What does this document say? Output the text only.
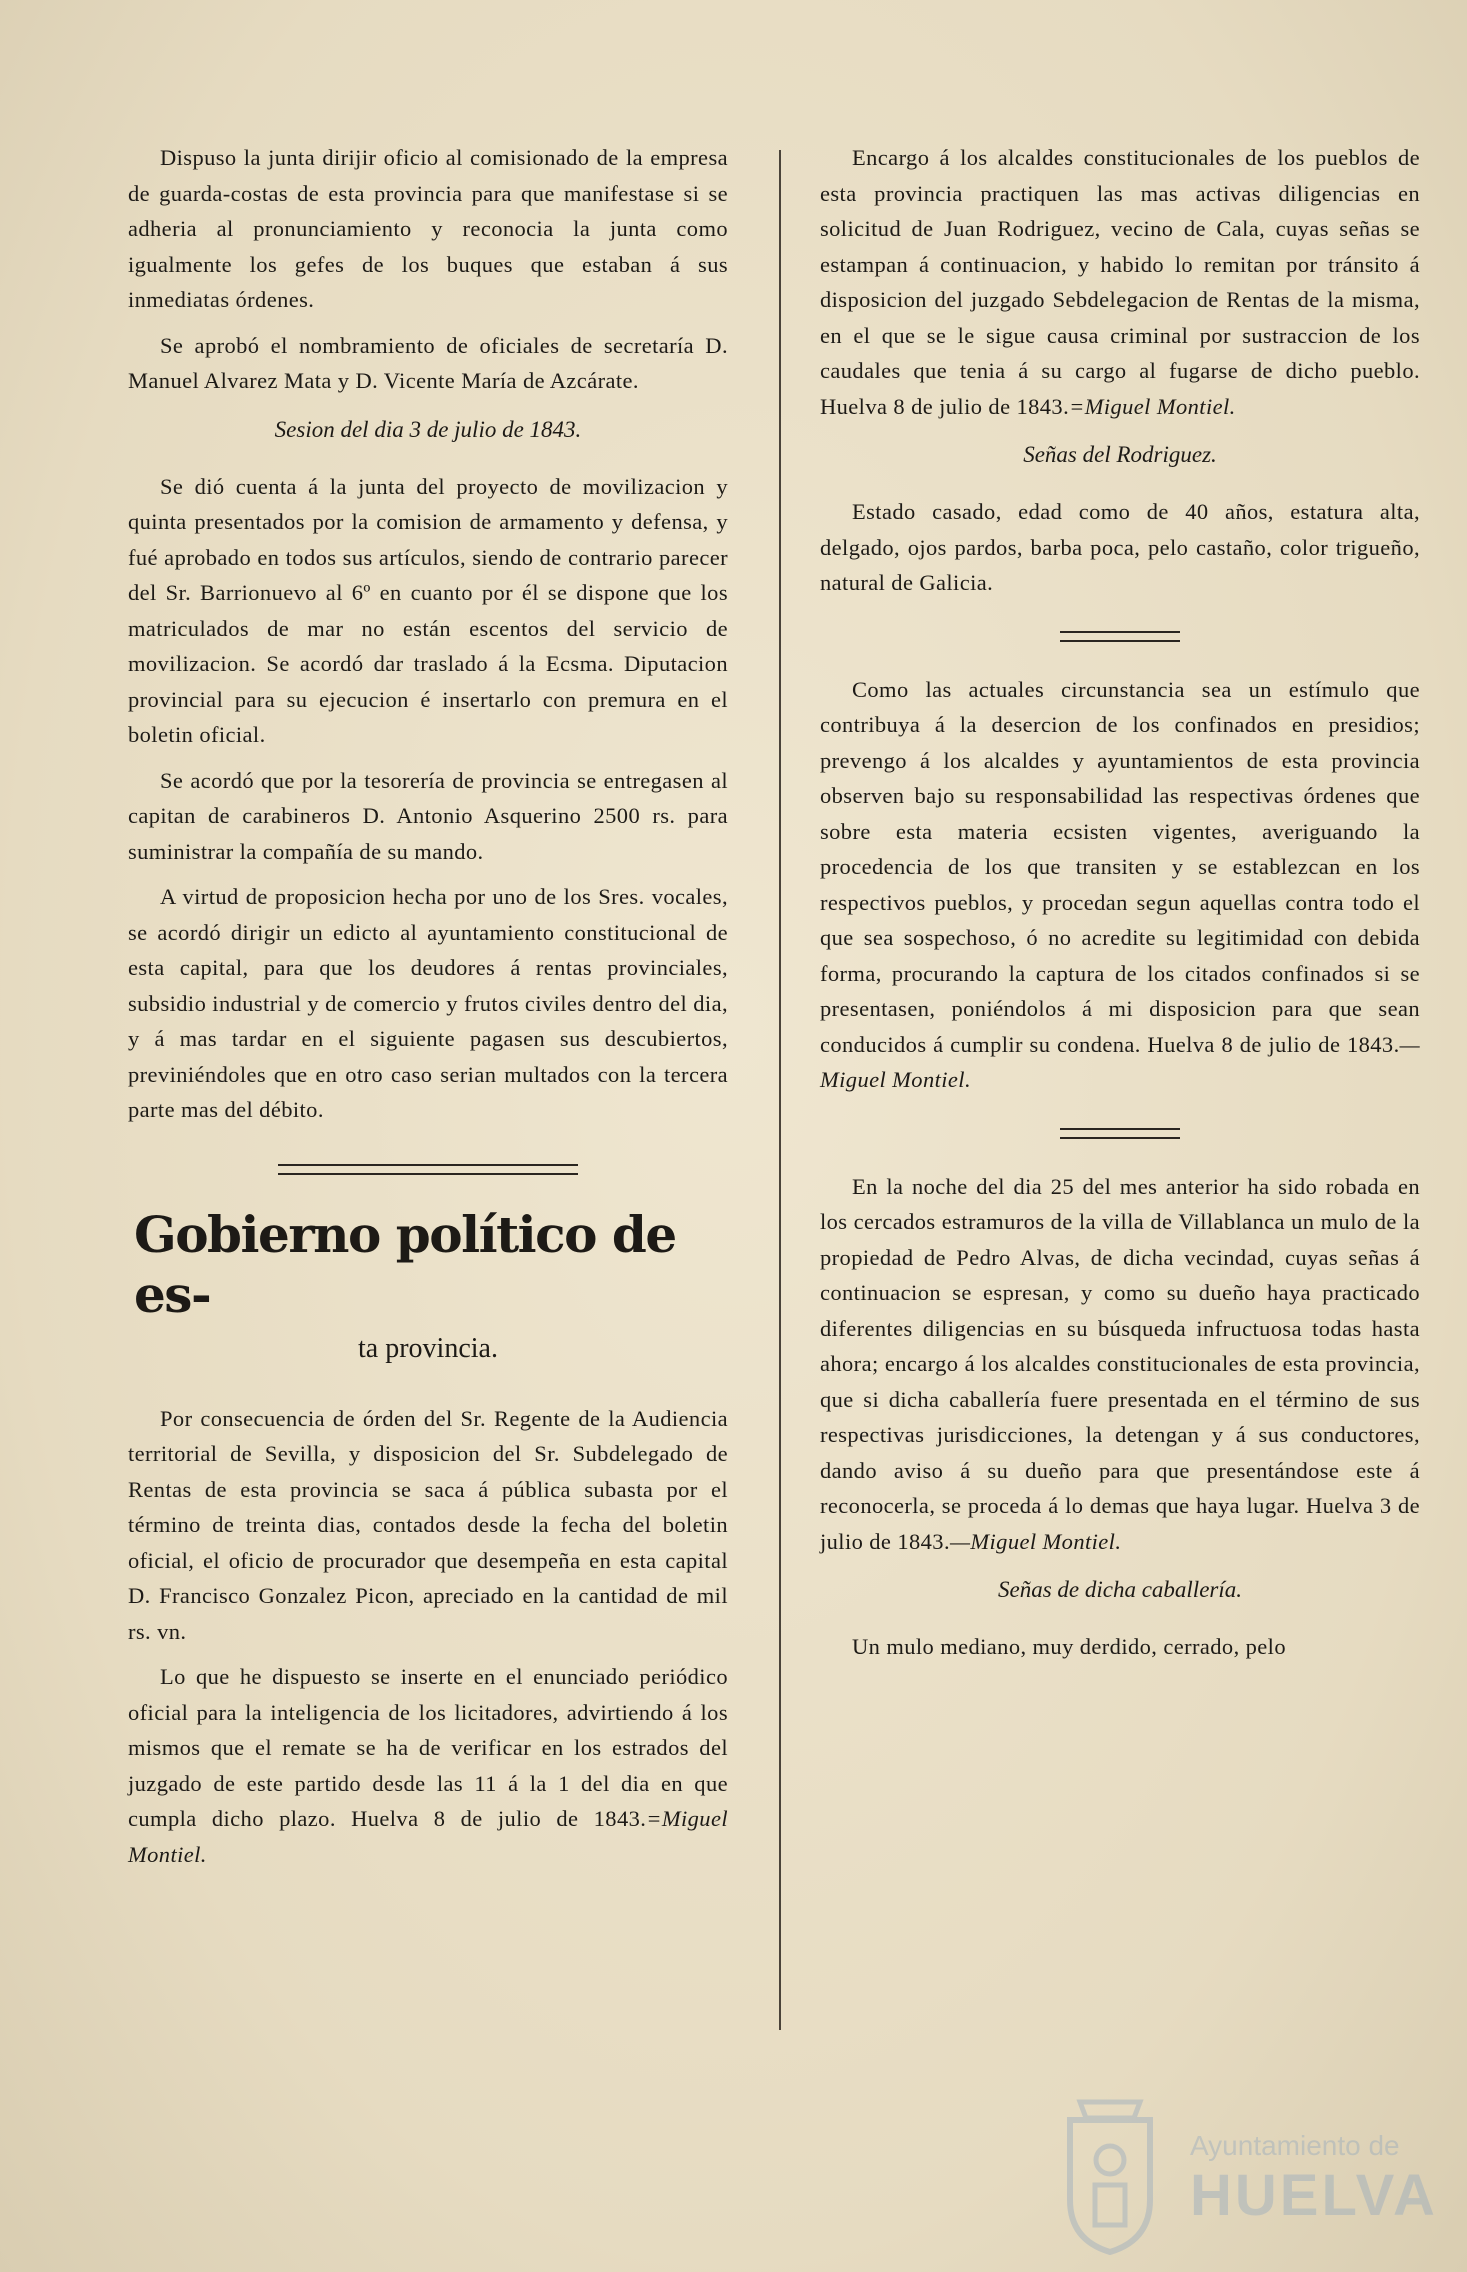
Dispuso la junta dirijir oficio al comisionado de la empresa de guarda-costas de esta provincia para que manifestase si se adheria al pronunciamiento y reconocia la junta como igualmente los gefes de los buques que estaban á sus inmediatas órdenes.

Se aprobó el nombramiento de oficiales de secretaría D. Manuel Alvarez Mata y D. Vicente María de Azcárate.

Sesion del dia 3 de julio de 1843.

Se dió cuenta á la junta del proyecto de movilizacion y quinta presentados por la comision de armamento y defensa, y fué aprobado en todos sus artículos, siendo de contrario parecer del Sr. Barrionuevo al 6º en cuanto por él se dispone que los matriculados de mar no están escentos del servicio de movilizacion. Se acordó dar traslado á la Ecsma. Diputacion provincial para su ejecucion é insertarlo con premura en el boletin oficial.

Se acordó que por la tesorería de provincia se entregasen al capitan de carabineros D. Antonio Asquerino 2500 rs. para suministrar la compañía de su mando.

A virtud de proposicion hecha por uno de los Sres. vocales, se acordó dirigir un edicto al ayuntamiento constitucional de esta capital, para que los deudores á rentas provinciales, subsidio industrial y de comercio y frutos civiles dentro del dia, y á mas tardar en el siguiente pagasen sus descubiertos, previniéndoles que en otro caso serian multados con la tercera parte mas del débito.

Gobierno político de es-
ta provincia.

Por consecuencia de órden del Sr. Regente de la Audiencia territorial de Sevilla, y disposicion del Sr. Subdelegado de Rentas de esta provincia se saca á pública subasta por el término de treinta dias, contados desde la fecha del boletin oficial, el oficio de procurador que desempeña en esta capital D. Francisco Gonzalez Picon, apreciado en la cantidad de mil rs. vn.

Lo que he dispuesto se inserte en el enunciado periódico oficial para la inteligencia de los licitadores, advirtiendo á los mismos que el remate se ha de verificar en los estrados del juzgado de este partido desde las 11 á la 1 del dia en que cumpla dicho plazo. Huelva 8 de julio de 1843.=Miguel Montiel.

Encargo á los alcaldes constitucionales de los pueblos de esta provincia practiquen las mas activas diligencias en solicitud de Juan Rodriguez, vecino de Cala, cuyas señas se estampan á continuacion, y habido lo remitan por tránsito á disposicion del juzgado Sebdelegacion de Rentas de la misma, en el que se le sigue causa criminal por sustraccion de los caudales que tenia á su cargo al fugarse de dicho pueblo. Huelva 8 de julio de 1843.=Miguel Montiel.

Señas del Rodriguez.

Estado casado, edad como de 40 años, estatura alta, delgado, ojos pardos, barba poca, pelo castaño, color trigueño, natural de Galicia.

Como las actuales circunstancia sea un estímulo que contribuya á la desercion de los confinados en presidios; prevengo á los alcaldes y ayuntamientos de esta provincia observen bajo su responsabilidad las respectivas órdenes que sobre esta materia ecsisten vigentes, averiguando la procedencia de los que transiten y se establezcan en los respectivos pueblos, y procedan segun aquellas contra todo el que sea sospechoso, ó no acredite su legitimidad con debida forma, procurando la captura de los citados confinados si se presentasen, poniéndolos á mi disposicion para que sean conducidos á cumplir su condena. Huelva 8 de julio de 1843.—Miguel Montiel.

En la noche del dia 25 del mes anterior ha sido robada en los cercados estramuros de la villa de Villablanca un mulo de la propiedad de Pedro Alvas, de dicha vecindad, cuyas señas á continuacion se espresan, y como su dueño haya practicado diferentes diligencias en su búsqueda infructuosa todas hasta ahora; encargo á los alcaldes constitucionales de esta provincia, que si dicha caballería fuere presentada en el término de sus respectivas jurisdicciones, la detengan y á sus conductores, dando aviso á su dueño para que presentándose este á reconocerla, se proceda á lo demas que haya lugar. Huelva 3 de julio de 1843.—Miguel Montiel.

Señas de dicha caballería.

Un mulo mediano, muy derdido, cerrado, pelo

Ayuntamiento de
HUELVA
